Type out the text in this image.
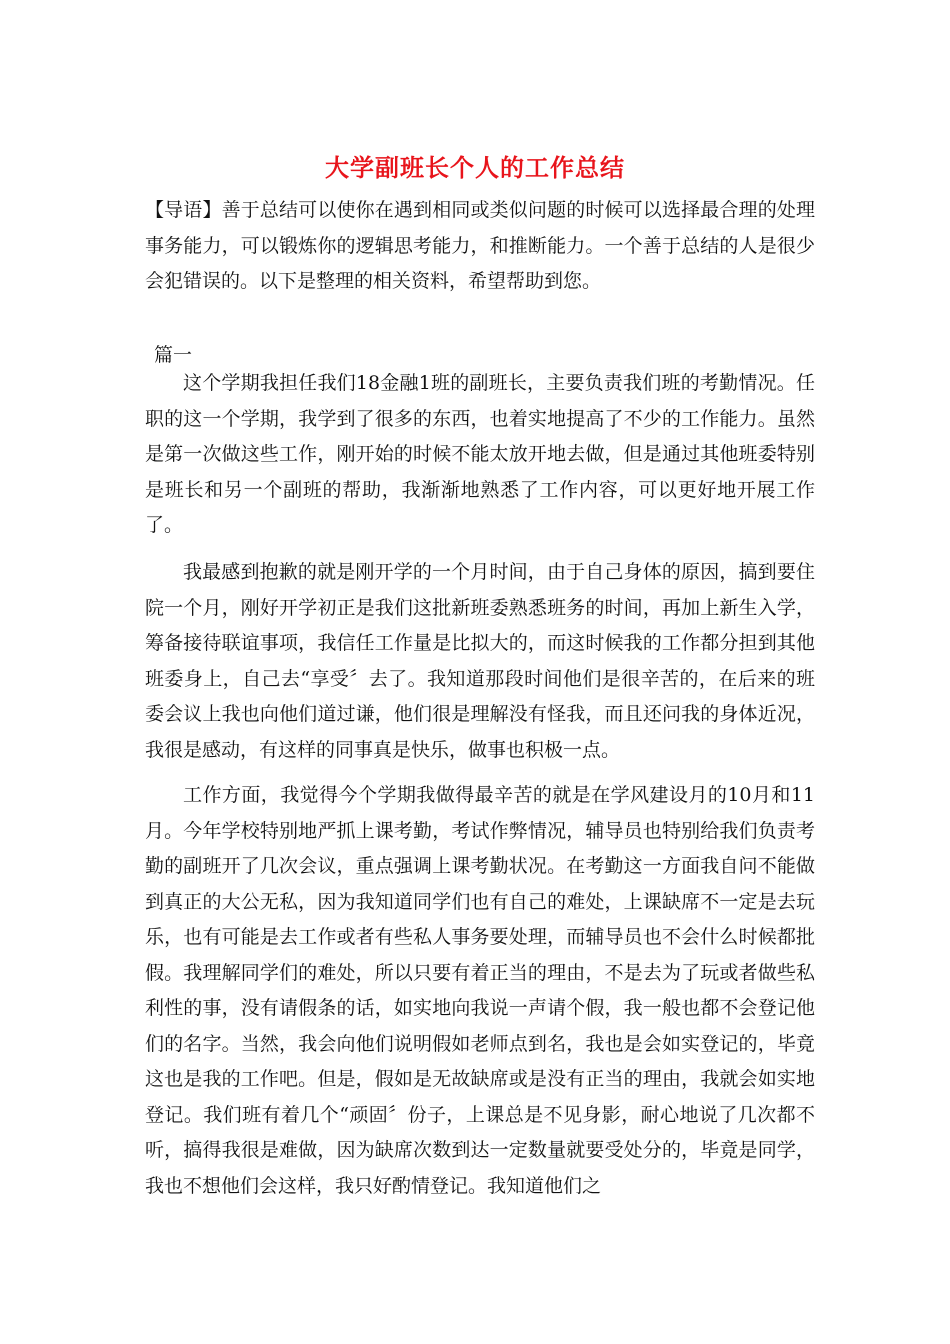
大学副班长个人的工作总结

【导语】善于总结可以使你在遇到相同或类似问题的时候可以选择最合理的处理事务能力，可以锻炼你的逻辑思考能力，和推断能力。一个善于总结的人是很少会犯错误的。以下是整理的相关资料，希望帮助到您。

篇一

这个学期我担任我们18金融1班的副班长，主要负责我们班的考勤情况。任职的这一个学期，我学到了很多的东西，也着实地提高了不少的工作能力。虽然是第一次做这些工作，刚开始的时候不能太放开地去做，但是通过其他班委特别是班长和另一个副班的帮助，我渐渐地熟悉了工作内容，可以更好地开展工作了。

我最感到抱歉的就是刚开学的一个月时间，由于自己身体的原因，搞到要住院一个月，刚好开学初正是我们这批新班委熟悉班务的时间，再加上新生入学，筹备接待联谊事项，我信任工作量是比拟大的，而这时候我的工作都分担到其他班委身上，自己去“享受〞去了。我知道那段时间他们是很辛苦的，在后来的班委会议上我也向他们道过谦，他们很是理解没有怪我，而且还问我的身体近况，我很是感动，有这样的同事真是快乐，做事也积极一点。

工作方面，我觉得今个学期我做得最辛苦的就是在学风建设月的10月和11月。今年学校特别地严抓上课考勤，考试作弊情况，辅导员也特别给我们负责考勤的副班开了几次会议，重点强调上课考勤状况。在考勤这一方面我自问不能做到真正的大公无私，因为我知道同学们也有自己的难处，上课缺席不一定是去玩乐，也有可能是去工作或者有些私人事务要处理，而辅导员也不会什么时候都批假。我理解同学们的难处，所以只要有着正当的理由，不是去为了玩或者做些私利性的事，没有请假条的话，如实地向我说一声请个假，我一般也都不会登记他们的名字。当然，我会向他们说明假如老师点到名，我也是会如实登记的，毕竟这也是我的工作吧。但是，假如是无故缺席或是没有正当的理由，我就会如实地登记。我们班有着几个“顽固〞份子，上课总是不见身影，耐心地说了几次都不听，搞得我很是难做，因为缺席次数到达一定数量就要受处分的，毕竟是同学，我也不想他们会这样，我只好酌情登记。我知道他们之
